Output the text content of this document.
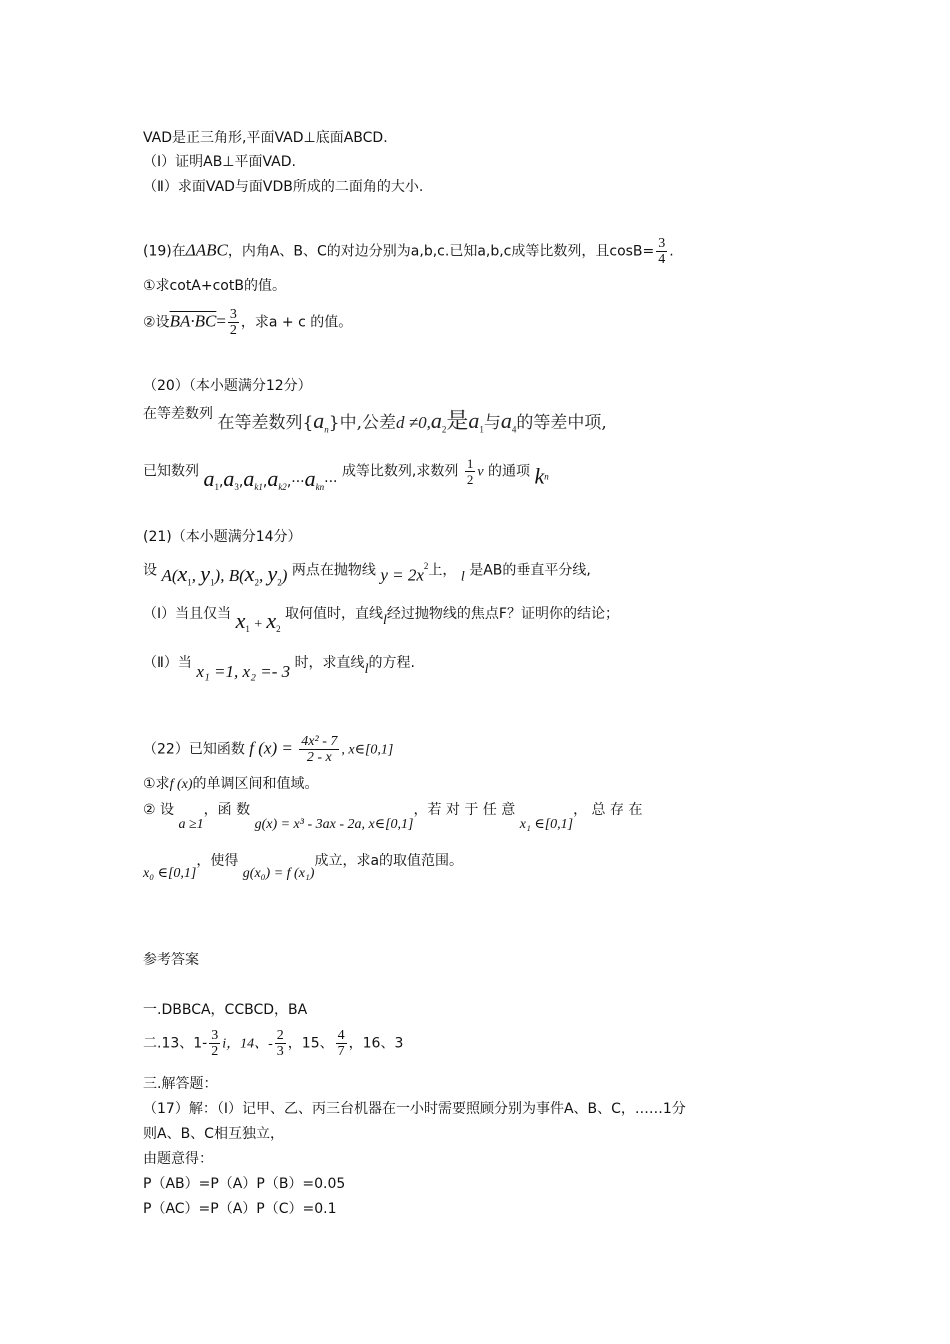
VAD是正三角形,平面VAD⊥底面ABCD.
（Ⅰ）证明AB⊥平面VAD.
（Ⅱ）求面VAD与面VDB所成的二面角的大小.
(19)在ΔABC，内角A、B、C的对边分别为a,b,c.已知a,b,c成等比数列，且$\cos B= \frac{3}{4}$ .
①求cotA+cotB的值。
②设$BA\cdot BC= \frac{3}{2}$ ，求a + c 的值。
（20）（本小题满分12分）
在等差数列 在等差数列$\{a_n\}$中,公差$d \ne 0,a_2$是$a_1$与$a_4$的等差中项,
已知数列 $a_1,a_3,a_{k1},a_{k2},\cdot\cdot\cdot a_{kn}\cdot\cdot\cdot$ 成等比数列,求数列 $\frac{1}{2}$ ν 的通项 $k_n$
(21)（本小题满分14分）
设 $A(x_1$, $y_1$), $B(x_2$, $y_2$) 两点在抛物线 $y = 2x^2$上， l 是AB的垂直平分线,
（Ⅰ）当且仅当 $x_1 + x_2$ 取何值时，直线l经过抛物线的焦点F？证明你的结论；
（Ⅱ）当 x₁ =1, x₂ =- 3 时，求直线l的方程.
（22）已知函数 f $(x) = \frac{\text{4x² - 7}}{2 - x}$ , x∈[0,1]
①求f (x)的单调区间和值域。
② 设 a ≥1，函 数 g(x) = x³ - 3ax - 2a, x∈[0,1]，若 对 于 任 意 x₁ ∈[0,1]， 总 存 在
x₀ ∈[0,1]，使得 g(x₀) = f (x₁)成立，求a的取值范围。
参考答案
一.DBBCA，CCBCD，BA
二.13、$1- \frac{3}{2}$ i，14、- $\frac{2}{3}$ ，15、 $\frac{4}{7}$ ，16、3
三.解答题：
（17）解：（Ⅰ）记甲、乙、丙三台机器在一小时需要照顾分别为事件A、B、C，……1分
则A、B、C相互独立，
由题意得：
P（AB）=P（A）P（B）=0.05
P（AC）=P（A）P（C）=0.1
